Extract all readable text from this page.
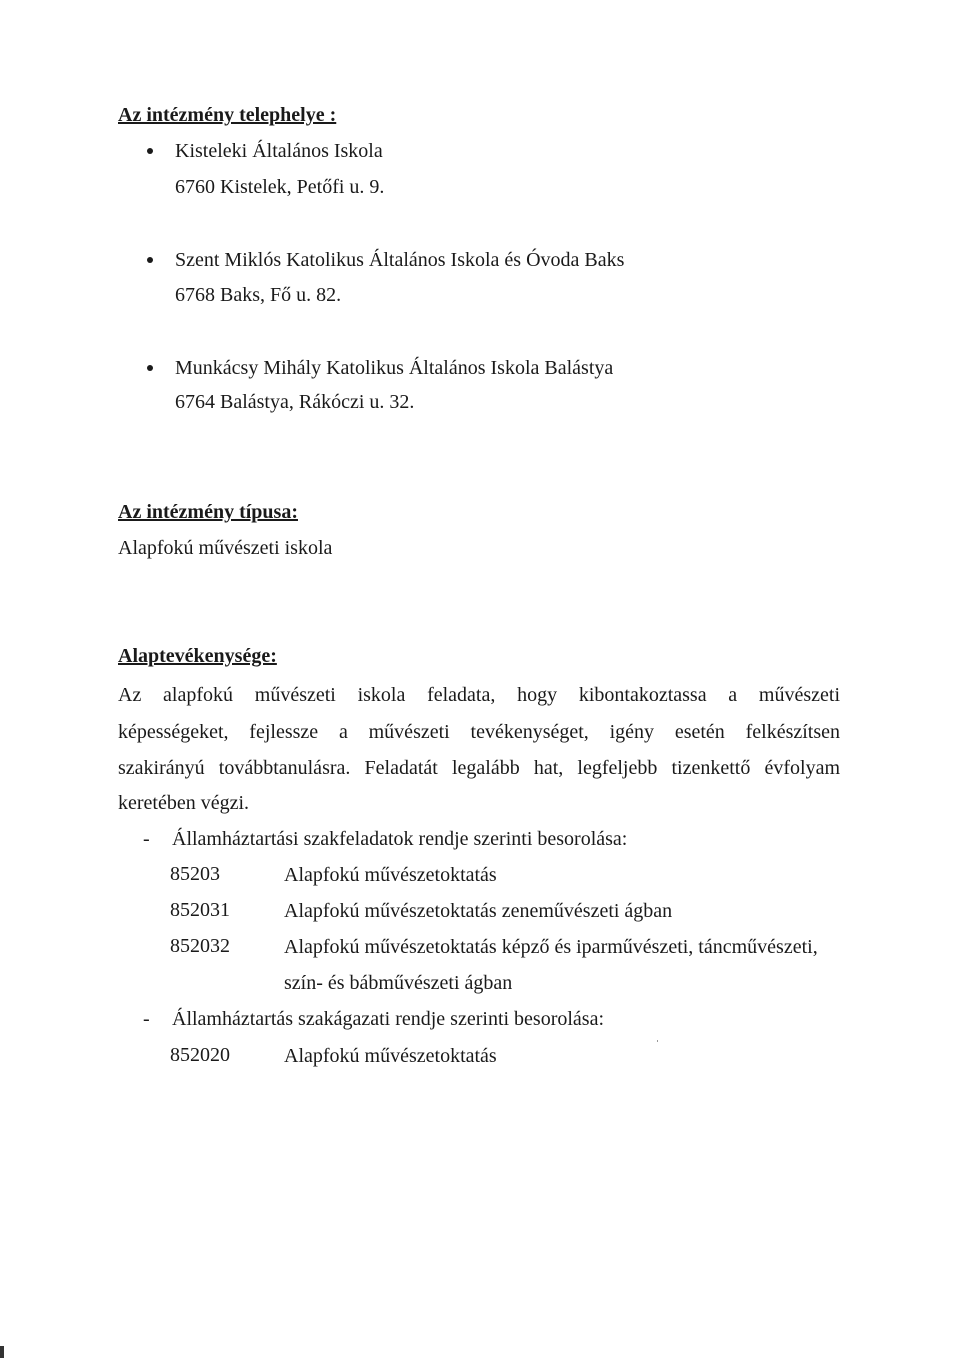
Az intézmény telephelye :
Kisteleki Általános Iskola
6760 Kistelek, Petőfi u. 9.
Szent Miklós Katolikus Általános Iskola és Óvoda Baks
6768 Baks, Fő u. 82.
Munkácsy Mihály Katolikus Általános Iskola Balástya
6764 Balástya, Rákóczi u. 32.
Az intézmény típusa:
Alapfokú művészeti iskola
Alaptevékenysége:
Az alapfokú művészeti iskola feladata, hogy kibontakoztassa a művészeti
képességeket, fejlessze a művészeti tevékenységet, igény esetén felkészítsen
szakirányú továbbtanulásra. Feladatát legalább hat, legfeljebb tizenkettő évfolyam
keretében végzi.
- Államháztartási szakfeladatok rendje szerinti besorolása:
85203	Alapfokú művészetoktatás
852031	Alapfokú művészetoktatás zeneművészeti ágban
852032	Alapfokú művészetoktatás képző és iparművészeti, táncművészeti,
szín- és bábművészeti ágban
- Államháztartás szakágazati rendje szerinti besorolása:
852020	Alapfokú művészetoktatás
